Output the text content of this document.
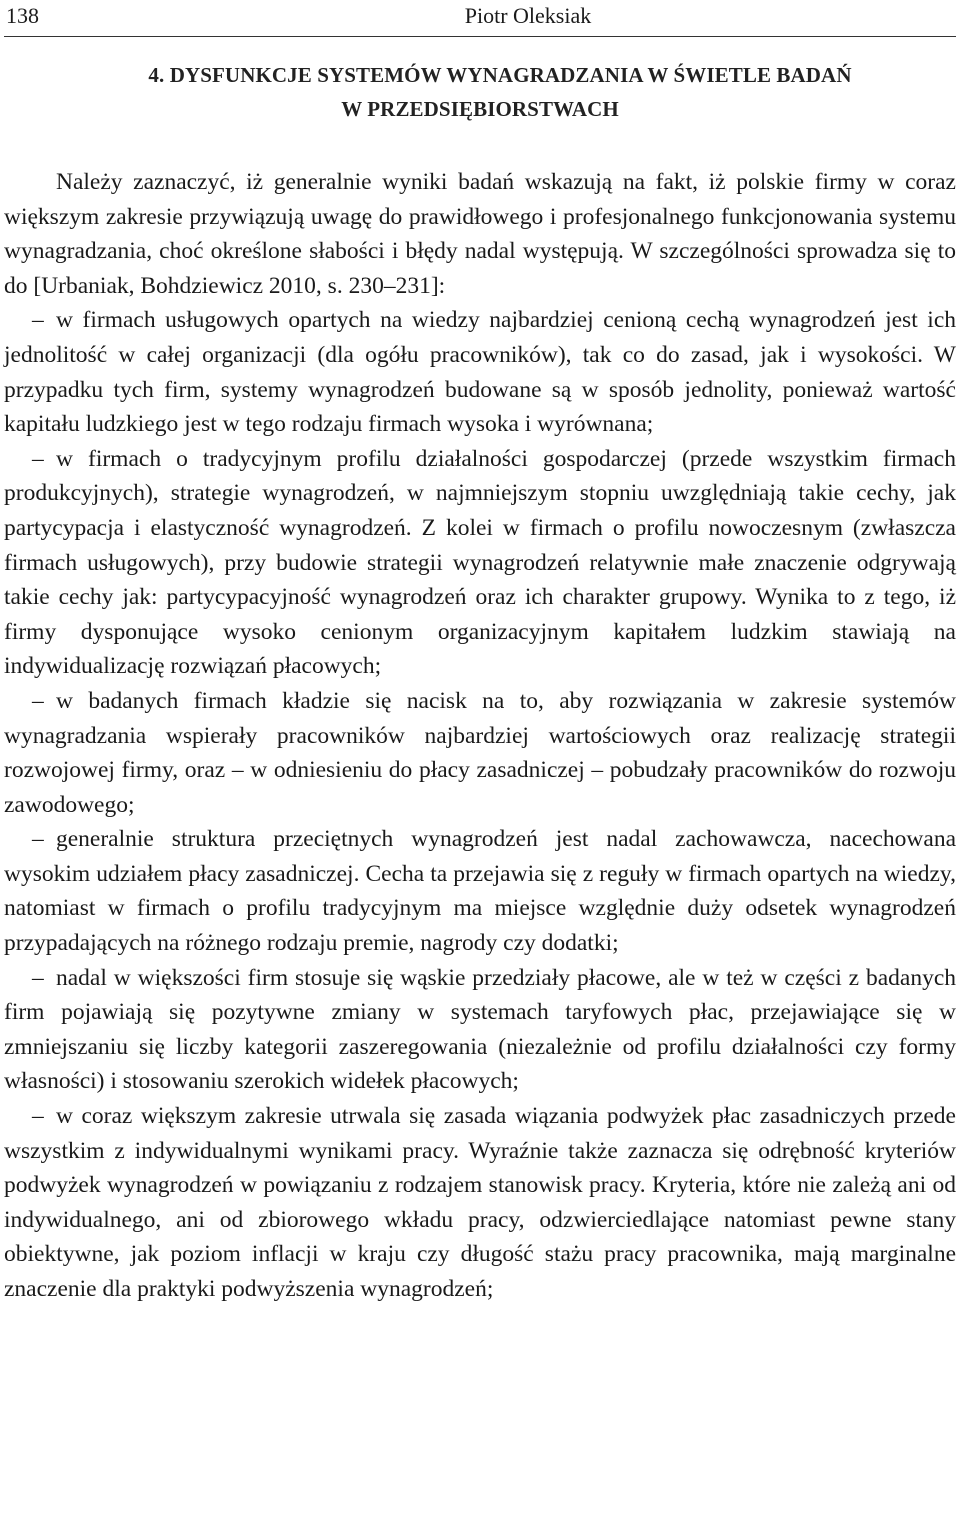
138	Piotr Oleksiak
4. DYSFUNKCJE SYSTEMÓW WYNAGRADZANIA W ŚWIETLE BADAŃ
W PRZEDSIĘBIORSTWACH

Należy zaznaczyć, iż generalnie wyniki badań wskazują na fakt, iż polskie firmy w coraz większym zakresie przywiązują uwagę do prawidłowego i profesjonalnego funkcjonowania systemu wynagradzania, choć określone słabości i błędy nadal występują. W szczególności sprowadza się to do [Urbaniak, Bohdziewicz 2010, s. 230–231]:

– w firmach usługowych opartych na wiedzy najbardziej cenioną cechą wynagrodzeń jest ich jednolitość w całej organizacji (dla ogółu pracowników), tak co do zasad, jak i wysokości. W przypadku tych firm, systemy wynagrodzeń budowane są w sposób jednolity, ponieważ wartość kapitału ludzkiego jest w tego rodzaju firmach wysoka i wyrównana;

– w firmach o tradycyjnym profilu działalności gospodarczej (przede wszystkim firmach produkcyjnych), strategie wynagrodzeń, w najmniejszym stopniu uwzględniają takie cechy, jak partycypacja i elastyczność wynagrodzeń. Z kolei w firmach o profilu nowoczesnym (zwłaszcza firmach usługowych), przy budowie strategii wynagrodzeń relatywnie małe znaczenie odgrywają takie cechy jak: partycypacyjność wynagrodzeń oraz ich charakter grupowy. Wynika to z tego, iż firmy dysponujące wysoko cenionym organizacyjnym kapitałem ludzkim stawiają na indywidualizację rozwiązań płacowych;

– w badanych firmach kładzie się nacisk na to, aby rozwiązania w zakresie systemów wynagradzania wspierały pracowników najbardziej wartościowych oraz realizację strategii rozwojowej firmy, oraz – w odniesieniu do płacy zasadniczej – pobudzały pracowników do rozwoju zawodowego;

– generalnie struktura przeciętnych wynagrodzeń jest nadal zachowawcza, nacechowana wysokim udziałem płacy zasadniczej. Cecha ta przejawia się z reguły w firmach opartych na wiedzy, natomiast w firmach o profilu tradycyjnym ma miejsce względnie duży odsetek wynagrodzeń przypadających na różnego rodzaju premie, nagrody czy dodatki;

– nadal w większości firm stosuje się wąskie przedziały płacowe, ale w też w części z badanych firm pojawiają się pozytywne zmiany w systemach taryfowych płac, przejawiające się w zmniejszaniu się liczby kategorii zaszeregowania (niezależnie od profilu działalności czy formy własności) i stosowaniu szerokich widełek płacowych;

– w coraz większym zakresie utrwala się zasada wiązania podwyżek płac zasadniczych przede wszystkim z indywidualnymi wynikami pracy. Wyraźnie także zaznacza się odrębność kryteriów podwyżek wynagrodzeń w powiązaniu z rodzajem stanowisk pracy. Kryteria, które nie zależą ani od indywidualnego, ani od zbiorowego wkładu pracy, odzwierciedlające natomiast pewne stany obiektywne, jak poziom inflacji w kraju czy długość stażu pracy pracownika, mają marginalne znaczenie dla praktyki podwyższenia wynagrodzeń;
